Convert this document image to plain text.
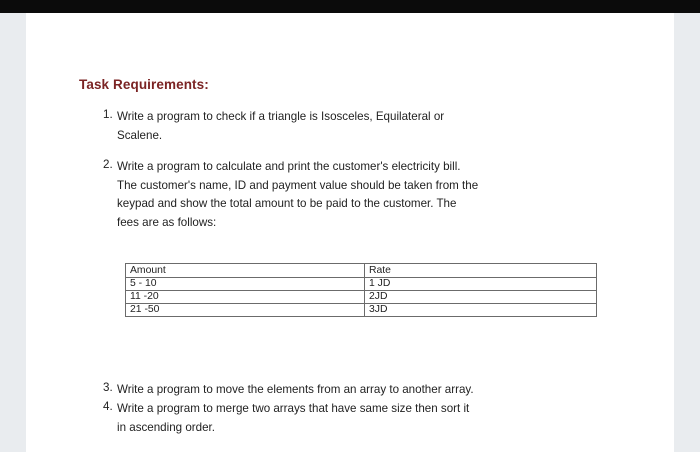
Task Requirements:
1. Write a program to check if a triangle is Isosceles, Equilateral or
Scalene.
2. Write a program to calculate and print the customer's electricity bill.
The customer's name, ID and payment value should be taken from the
keypad and show the total amount to be paid to the customer. The
fees are as follows:
3. Write a program to move the elements from an array to another array.
4. Write a program to merge two arrays that have same size then sort it
in ascending order.
Amount	Rate
5 - 10	1 JD
11 -20	2JD
21 -50	3JD
